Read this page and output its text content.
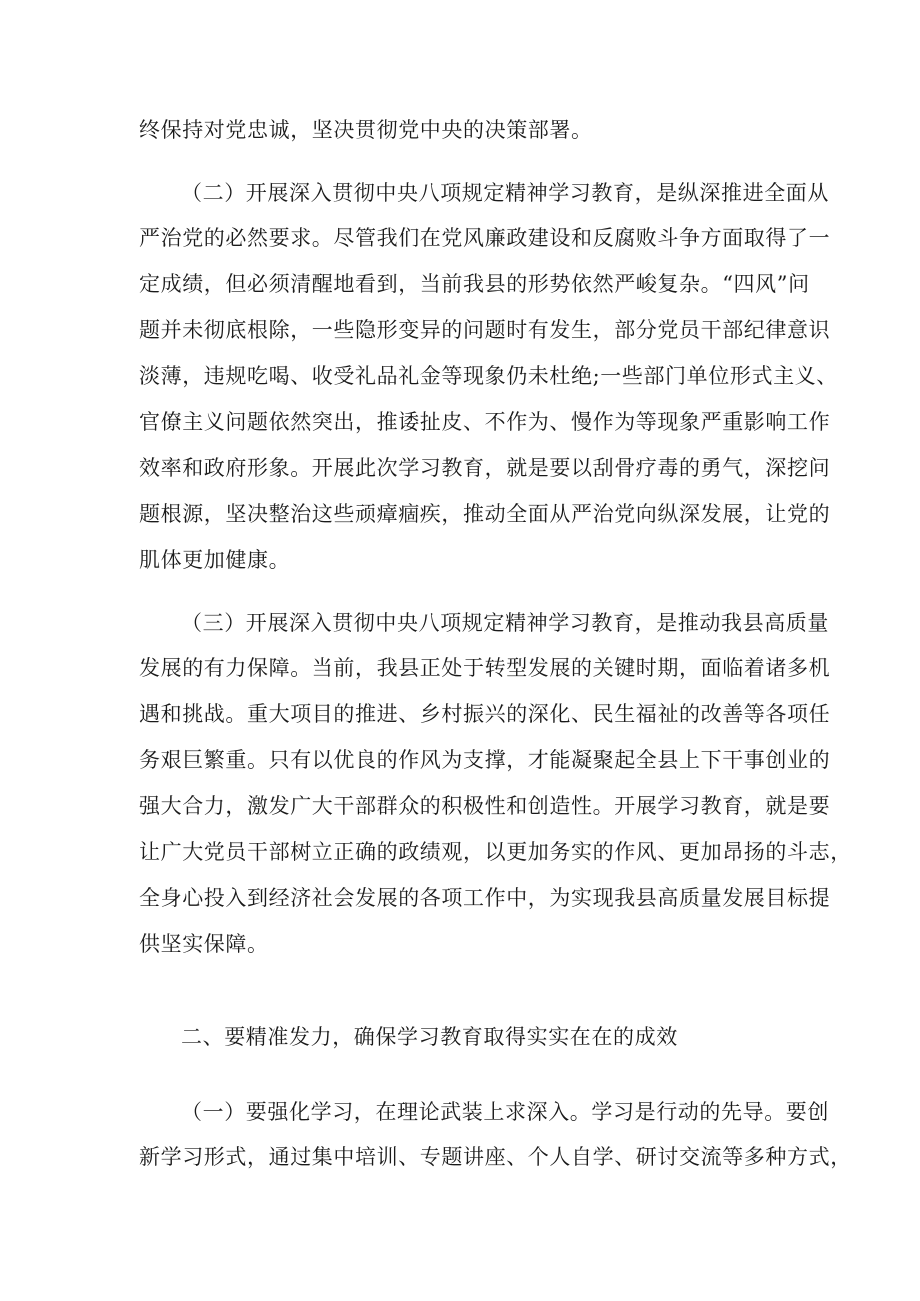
终保持对党忠诚，坚决贯彻党中央的决策部署。
（二）开展深入贯彻中央八项规定精神学习教育，是纵深推进全面从
严治党的必然要求。尽管我们在党风廉政建设和反腐败斗争方面取得了一
定成绩，但必须清醒地看到，当前我县的形势依然严峻复杂。“四风”问
题并未彻底根除，一些隐形变异的问题时有发生，部分党员干部纪律意识
淡薄，违规吃喝、收受礼品礼金等现象仍未杜绝;一些部门单位形式主义、
官僚主义问题依然突出，推诿扯皮、不作为、慢作为等现象严重影响工作
效率和政府形象。开展此次学习教育，就是要以刮骨疗毒的勇气，深挖问
题根源，坚决整治这些顽瘴痼疾，推动全面从严治党向纵深发展，让党的
肌体更加健康。
（三）开展深入贯彻中央八项规定精神学习教育，是推动我县高质量
发展的有力保障。当前，我县正处于转型发展的关键时期，面临着诸多机
遇和挑战。重大项目的推进、乡村振兴的深化、民生福祉的改善等各项任
务艰巨繁重。只有以优良的作风为支撑，才能凝聚起全县上下干事创业的
强大合力，激发广大干部群众的积极性和创造性。开展学习教育，就是要
让广大党员干部树立正确的政绩观，以更加务实的作风、更加昂扬的斗志，
全身心投入到经济社会发展的各项工作中，为实现我县高质量发展目标提
供坚实保障。
二、要精准发力，确保学习教育取得实实在在的成效
（一）要强化学习，在理论武装上求深入。学习是行动的先导。要创
新学习形式，通过集中培训、专题讲座、个人自学、研讨交流等多种方式，
